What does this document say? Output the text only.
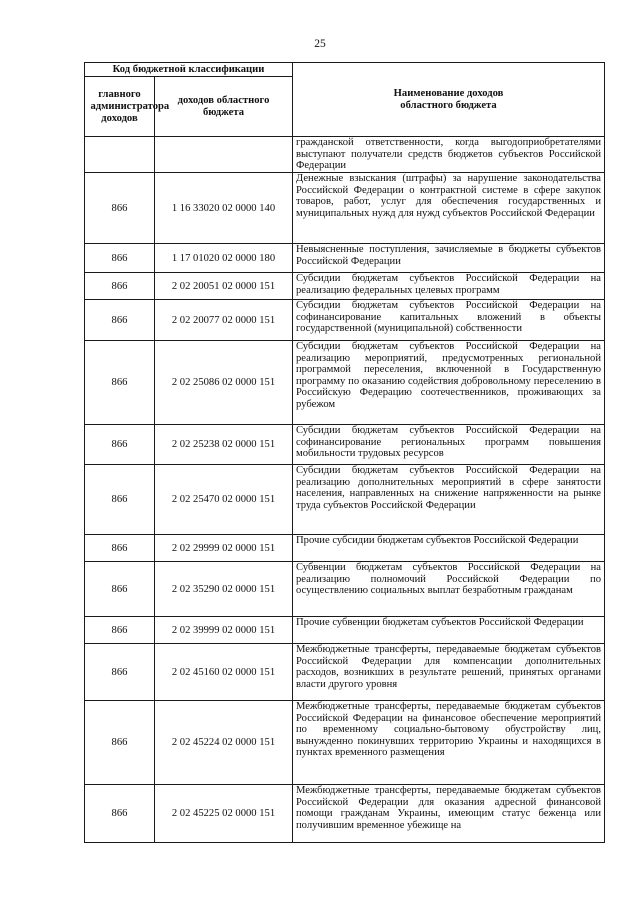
25
Код бюджетной классификации		Наименование доходов областного бюджета

главного администратора доходов	доходов областного бюджета	

		гражданской ответственности, когда выгодоприобретателями выступают получатели средств бюджетов субъектов Российской Федерации
866	1 16 33020 02 0000 140	Денежные взыскания (штрафы) за нарушение законодательства Российской Федерации о контрактной системе в сфере закупок товаров, работ, услуг для обеспечения государственных и муниципальных нужд для нужд субъектов Российской Федерации
866	1 17 01020 02 0000 180	Невыясненные поступления, зачисляемые в бюджеты субъектов Российской Федерации
866	2 02 20051 02 0000 151	Субсидии бюджетам субъектов Российской Федерации на реализацию федеральных целевых программ
866	2 02 20077 02 0000 151	Субсидии бюджетам субъектов Российской Федерации на софинансирование капитальных вложений в объекты государственной (муниципальной) собственности
866	2 02 25086 02 0000 151	Субсидии бюджетам субъектов Российской Федерации на реализацию мероприятий, предусмотренных региональной программой переселения, включенной в Государственную программу по оказанию содействия добровольному переселению в Российскую Федерацию соотечественников, проживающих за рубежом
866	2 02 25238 02 0000 151	Субсидии бюджетам субъектов Российской Федерации на софинансирование региональных программ повышения мобильности трудовых ресурсов
866	2 02 25470 02 0000 151	Субсидии бюджетам субъектов Российской Федерации на реализацию дополнительных мероприятий в сфере занятости населения, направленных на снижение напряженности на рынке труда субъектов Российской Федерации
866	2 02 29999 02 0000 151	Прочие субсидии бюджетам субъектов Российской Федерации
866	2 02 35290 02 0000 151	Субвенции бюджетам субъектов Российской Федерации на реализацию полномочий Российской Федерации по осуществлению социальных выплат безработным гражданам
866	2 02 39999 02 0000 151	Прочие субвенции бюджетам субъектов Российской Федерации
866	2 02 45160 02 0000 151	Межбюджетные трансферты, передаваемые бюджетам субъектов Российской Федерации для компенсации дополнительных расходов, возникших в результате решений, принятых органами власти другого уровня
866	2 02 45224 02 0000 151	Межбюджетные трансферты, передаваемые бюджетам субъектов Российской Федерации на финансовое обеспечение мероприятий по временному социально-бытовому обустройству лиц, вынужденно покинувших территорию Украины и находящихся в пунктах временного размещения
866	2 02 45225 02 0000 151	Межбюджетные трансферты, передаваемые бюджетам субъектов Российской Федерации для оказания адресной финансовой помощи гражданам Украины, имеющим статус беженца или получившим временное убежище на
